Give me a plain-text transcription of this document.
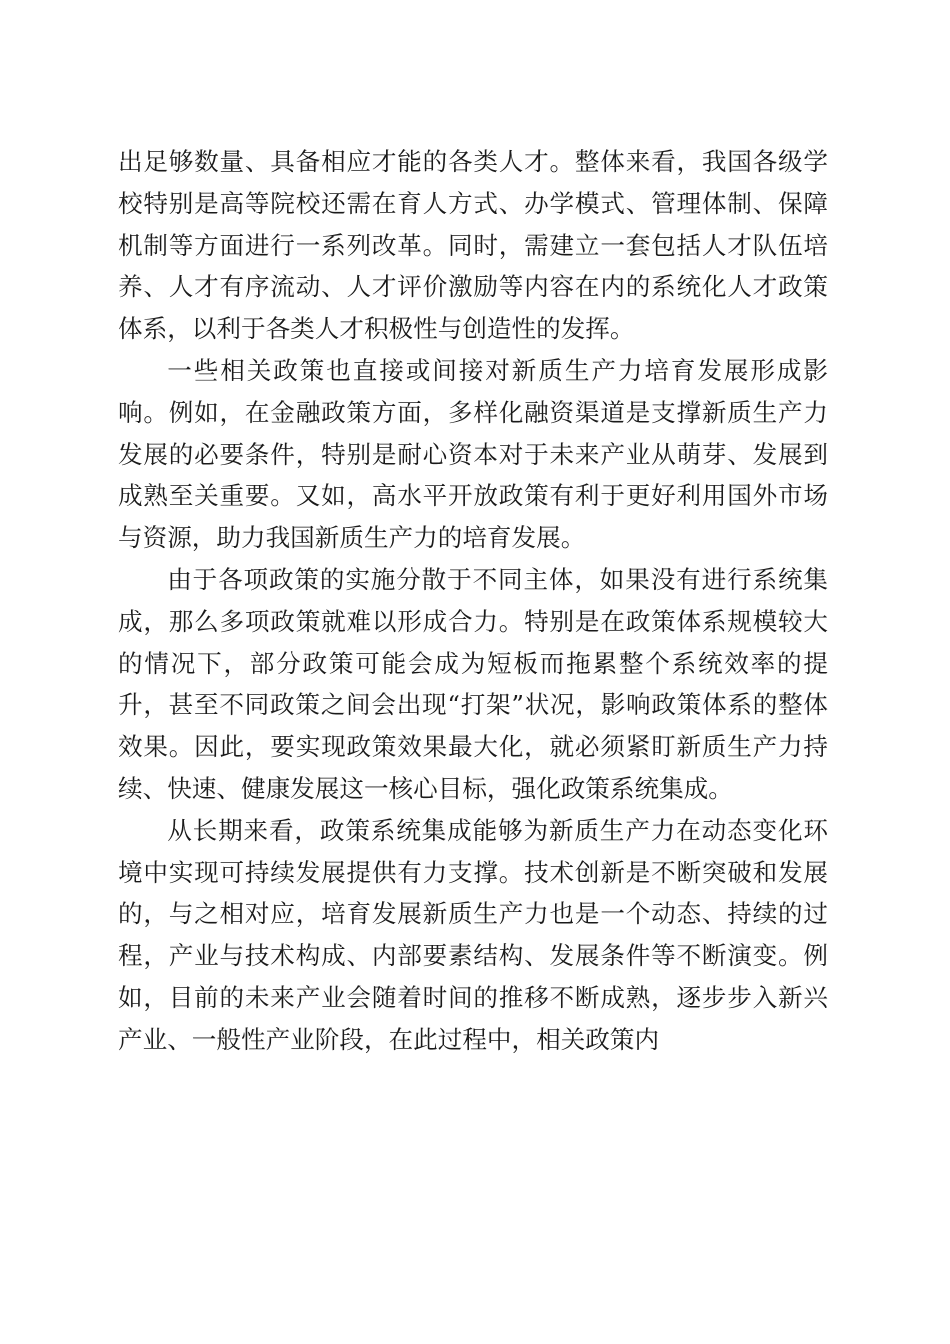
出足够数量、具备相应才能的各类人才。整体来看，我国各级学校特别是高等院校还需在育人方式、办学模式、管理体制、保障机制等方面进行一系列改革。同时，需建立一套包括人才队伍培养、人才有序流动、人才评价激励等内容在内的系统化人才政策体系，以利于各类人才积极性与创造性的发挥。

一些相关政策也直接或间接对新质生产力培育发展形成影响。例如，在金融政策方面，多样化融资渠道是支撑新质生产力发展的必要条件，特别是耐心资本对于未来产业从萌芽、发展到成熟至关重要。又如，高水平开放政策有利于更好利用国外市场与资源，助力我国新质生产力的培育发展。

由于各项政策的实施分散于不同主体，如果没有进行系统集成，那么多项政策就难以形成合力。特别是在政策体系规模较大的情况下，部分政策可能会成为短板而拖累整个系统效率的提升，甚至不同政策之间会出现“打架”状况，影响政策体系的整体效果。因此，要实现政策效果最大化，就必须紧盯新质生产力持续、快速、健康发展这一核心目标，强化政策系统集成。

从长期来看，政策系统集成能够为新质生产力在动态变化环境中实现可持续发展提供有力支撑。技术创新是不断突破和发展的，与之相对应，培育发展新质生产力也是一个动态、持续的过程，产业与技术构成、内部要素结构、发展条件等不断演变。例如，目前的未来产业会随着时间的推移不断成熟，逐步步入新兴产业、一般性产业阶段，在此过程中，相关政策内
